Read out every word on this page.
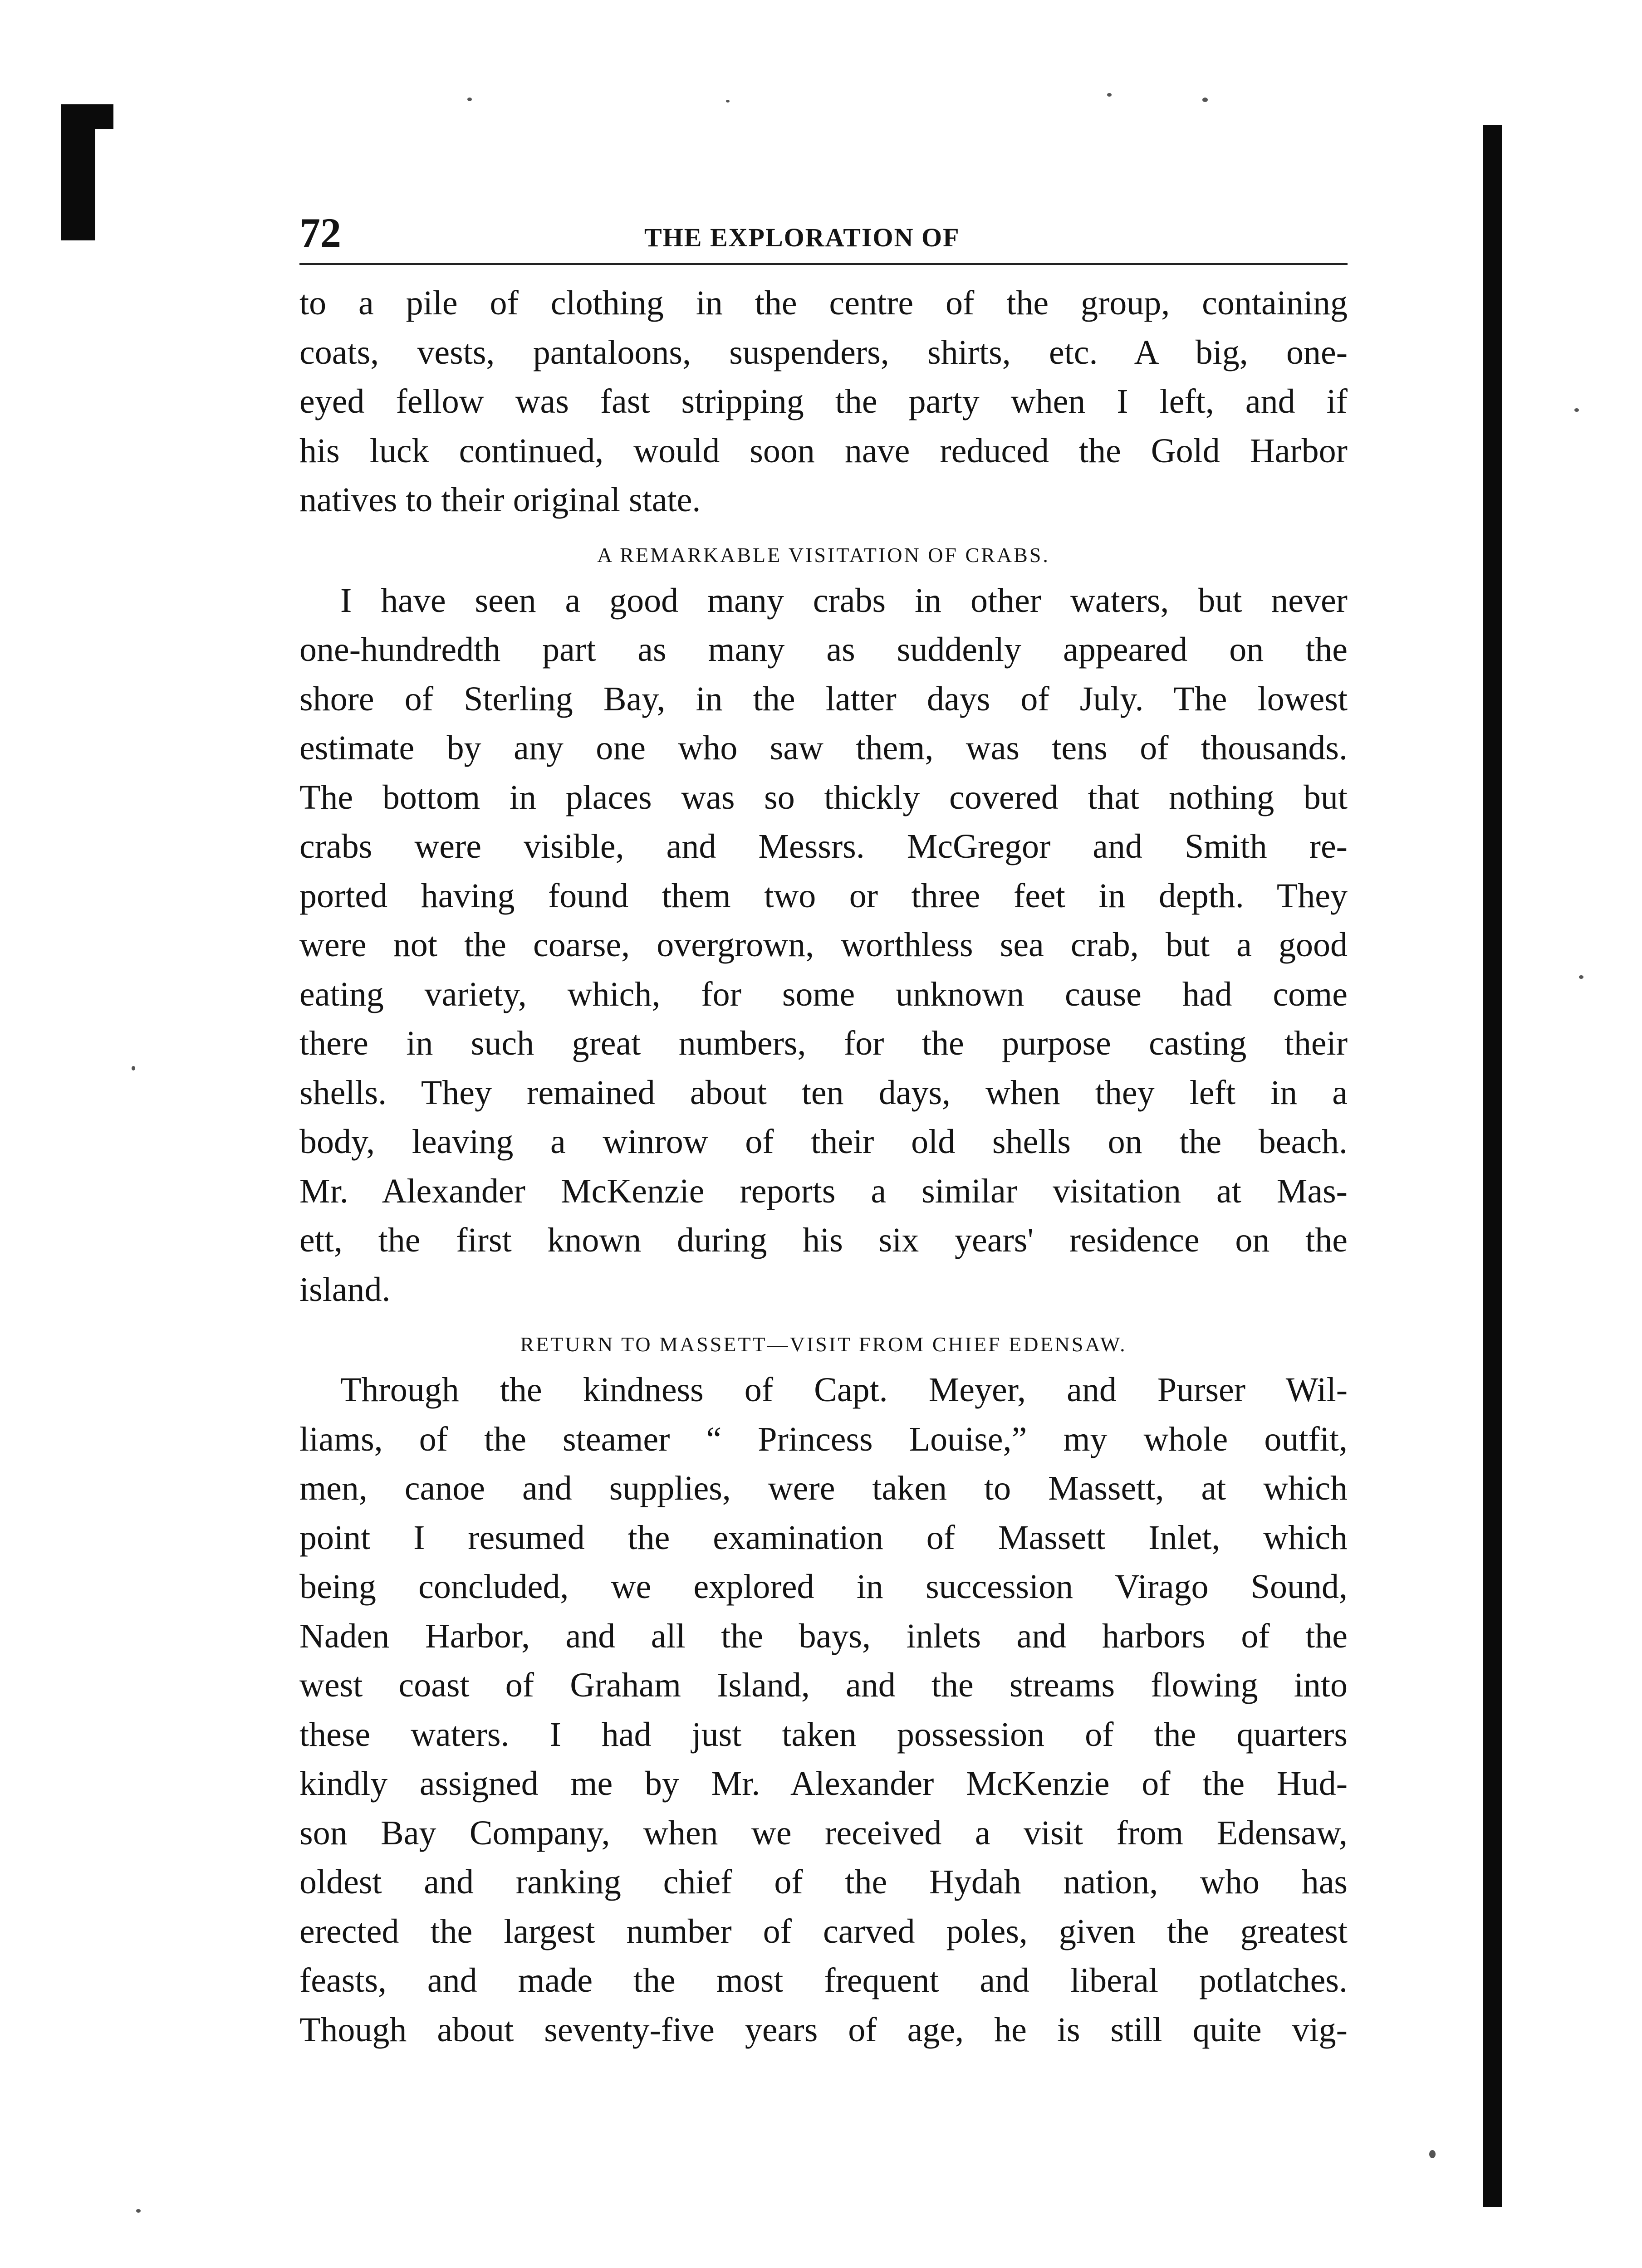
72	THE EXPLORATION OF
to a pile of clothing in the centre of the group, containing
coats, vests, pantaloons, suspenders, shirts, etc. A big, one-
eyed fellow was fast stripping the party when I left, and if
his luck continued, would soon nave reduced the Gold Harbor
natives to their original state.
A REMARKABLE VISITATION OF CRABS.
I have seen a good many crabs in other waters, but never
one-hundredth part as many as suddenly appeared on the
shore of Sterling Bay, in the latter days of July. The lowest
estimate by any one who saw them, was tens of thousands.
The bottom in places was so thickly covered that nothing but
crabs were visible, and Messrs. McGregor and Smith re-
ported having found them two or three feet in depth. They
were not the coarse, overgrown, worthless sea crab, but a good
eating variety, which, for some unknown cause had come
there in such great numbers, for the purpose casting their
shells. They remained about ten days, when they left in a
body, leaving a winrow of their old shells on the beach.
Mr. Alexander McKenzie reports a similar visitation at Mas-
ett, the first known during his six years' residence on the
island.
RETURN TO MASSETT—VISIT FROM CHIEF EDENSAW.
Through the kindness of Capt. Meyer, and Purser Wil-
liams, of the steamer “ Princess Louise,” my whole outfit,
men, canoe and supplies, were taken to Massett, at which
point I resumed the examination of Massett Inlet, which
being concluded, we explored in succession Virago Sound,
Naden Harbor, and all the bays, inlets and harbors of the
west coast of Graham Island, and the streams flowing into
these waters. I had just taken possession of the quarters
kindly assigned me by Mr. Alexander McKenzie of the Hud-
son Bay Company, when we received a visit from Edensaw,
oldest and ranking chief of the Hydah nation, who has
erected the largest number of carved poles, given the greatest
feasts, and made the most frequent and liberal potlatches.
Though about seventy-five years of age, he is still quite vig-
